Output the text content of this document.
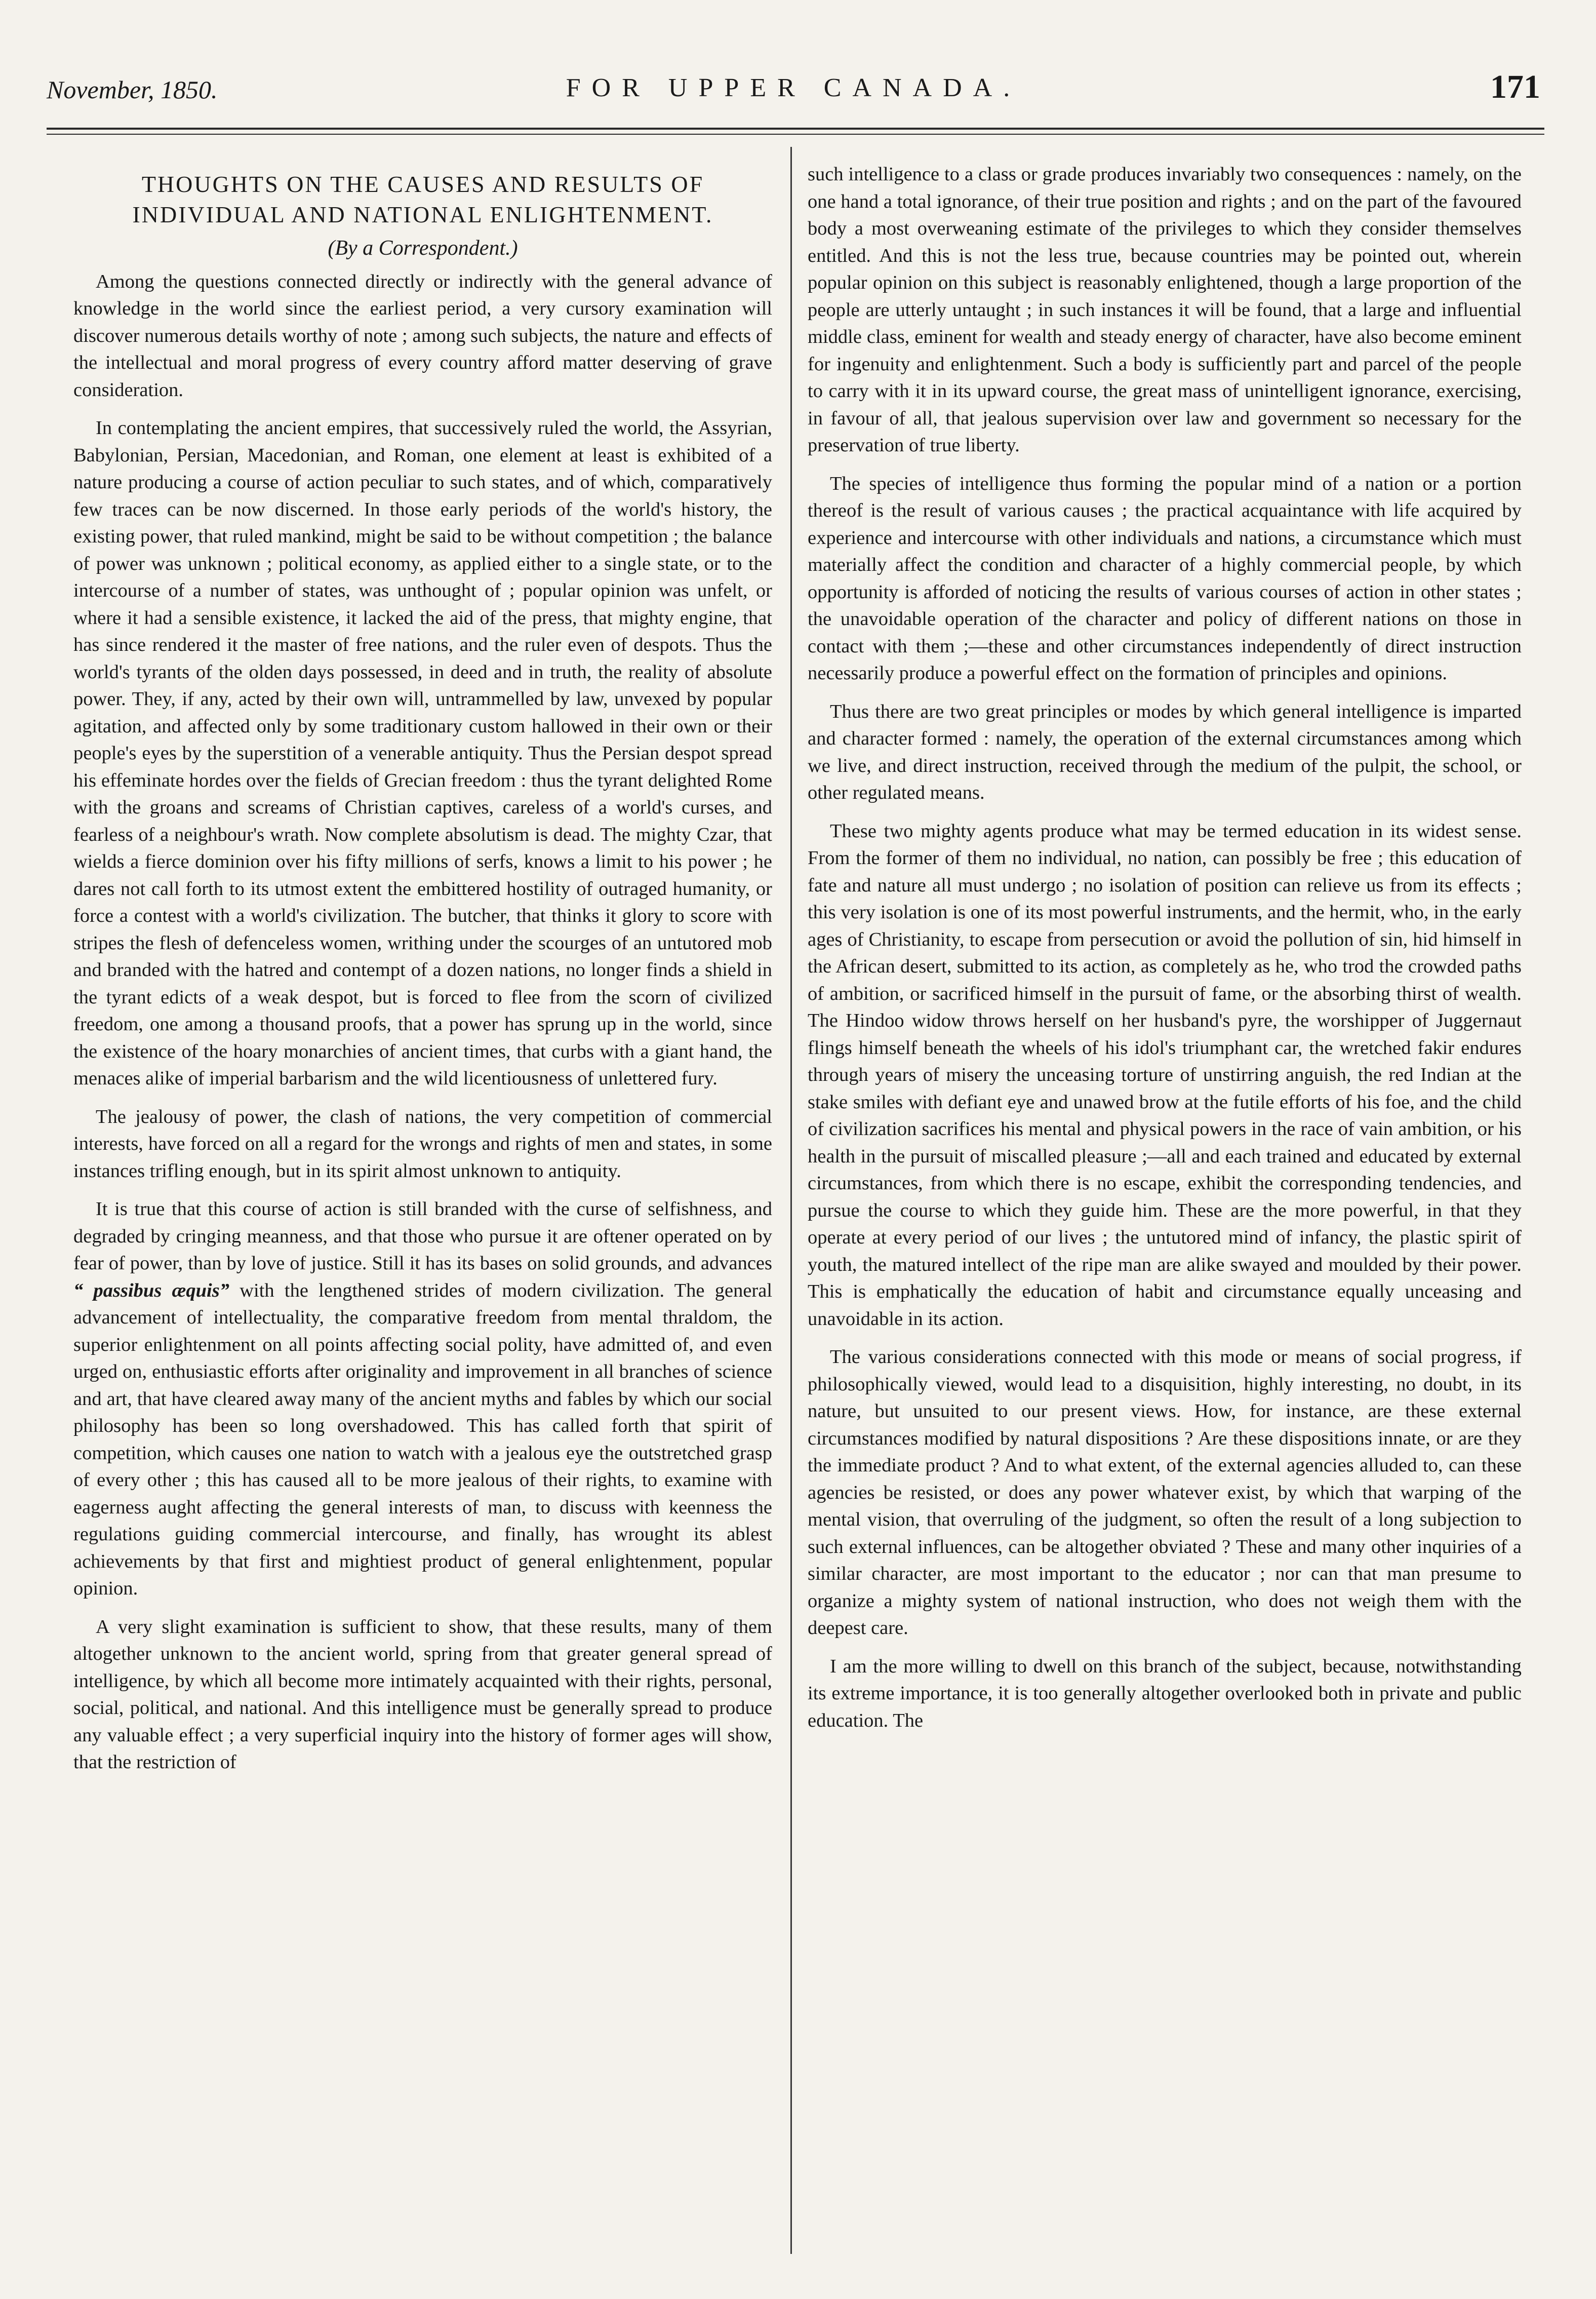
November, 1850.	FOR UPPER CANADA.	171
THOUGHTS ON THE CAUSES AND RESULTS OF INDIVIDUAL AND NATIONAL ENLIGHTENMENT.
(By a Correspondent.)

Among the questions connected directly or indirectly with the general advance of knowledge in the world since the earliest period, a very cursory examination will discover numerous details worthy of note ; among such subjects, the nature and effects of the intellectual and moral progress of every country afford matter deserving of grave consideration.

In contemplating the ancient empires, that successively ruled the world, the Assyrian, Babylonian, Persian, Macedonian, and Roman, one element at least is exhibited of a nature producing a course of action peculiar to such states, and of which, comparatively few traces can be now discerned. In those early periods of the world's history, the existing power, that ruled mankind, might be said to be without competition ; the balance of power was unknown ; political economy, as applied either to a single state, or to the intercourse of a number of states, was unthought of ; popular opinion was unfelt, or where it had a sensible existence, it lacked the aid of the press, that mighty engine, that has since rendered it the master of free nations, and the ruler even of despots. Thus the world's tyrants of the olden days possessed, in deed and in truth, the reality of absolute power. They, if any, acted by their own will, untrammelled by law, unvexed by popular agitation, and affected only by some traditionary custom hallowed in their own or their people's eyes by the superstition of a venerable antiquity. Thus the Persian despot spread his effeminate hordes over the fields of Grecian freedom : thus the tyrant delighted Rome with the groans and screams of Christian captives, careless of a world's curses, and fearless of a neighbour's wrath. Now complete absolutism is dead. The mighty Czar, that wields a fierce dominion over his fifty millions of serfs, knows a limit to his power ; he dares not call forth to its utmost extent the embittered hostility of outraged humanity, or force a contest with a world's civilization. The butcher, that thinks it glory to score with stripes the flesh of defenceless women, writhing under the scourges of an untutored mob and branded with the hatred and contempt of a dozen nations, no longer finds a shield in the tyrant edicts of a weak despot, but is forced to flee from the scorn of civilized freedom, one among a thousand proofs, that a power has sprung up in the world, since the existence of the hoary monarchies of ancient times, that curbs with a giant hand, the menaces alike of imperial barbarism and the wild licentiousness of unlettered fury.

The jealousy of power, the clash of nations, the very competition of commercial interests, have forced on all a regard for the wrongs and rights of men and states, in some instances trifling enough, but in its spirit almost unknown to antiquity.

It is true that this course of action is still branded with the curse of selfishness, and degraded by cringing meanness, and that those who pursue it are oftener operated on by fear of power, than by love of justice. Still it has its bases on solid grounds, and advances “ passibus æquis” with the lengthened strides of modern civilization. The general advancement of intellectuality, the comparative freedom from mental thraldom, the superior enlightenment on all points affecting social polity, have admitted of, and even urged on, enthusiastic efforts after originality and improvement in all branches of science and art, that have cleared away many of the ancient myths and fables by which our social philosophy has been so long overshadowed. This has called forth that spirit of competition, which causes one nation to watch with a jealous eye the outstretched grasp of every other ; this has caused all to be more jealous of their rights, to examine with eagerness aught affecting the general interests of man, to discuss with keenness the regulations guiding commercial intercourse, and finally, has wrought its ablest achievements by that first and mightiest product of general enlightenment, popular opinion.

A very slight examination is sufficient to show, that these results, many of them altogether unknown to the ancient world, spring from that greater general spread of intelligence, by which all become more intimately acquainted with their rights, personal, social, political, and national. And this intelligence must be generally spread to produce any valuable effect ; a very superficial inquiry into the history of former ages will show, that the restriction of

such intelligence to a class or grade produces invariably two consequences : namely, on the one hand a total ignorance, of their true position and rights ; and on the part of the favoured body a most overweaning estimate of the privileges to which they consider themselves entitled. And this is not the less true, because countries may be pointed out, wherein popular opinion on this subject is reasonably enlightened, though a large proportion of the people are utterly untaught ; in such instances it will be found, that a large and influential middle class, eminent for wealth and steady energy of character, have also become eminent for ingenuity and enlightenment. Such a body is sufficiently part and parcel of the people to carry with it in its upward course, the great mass of unintelligent ignorance, exercising, in favour of all, that jealous supervision over law and government so necessary for the preservation of true liberty.

The species of intelligence thus forming the popular mind of a nation or a portion thereof is the result of various causes ; the practical acquaintance with life acquired by experience and intercourse with other individuals and nations, a circumstance which must materially affect the condition and character of a highly commercial people, by which opportunity is afforded of noticing the results of various courses of action in other states ; the unavoidable operation of the character and policy of different nations on those in contact with them ;—these and other circumstances independently of direct instruction necessarily produce a powerful effect on the formation of principles and opinions.

Thus there are two great principles or modes by which general intelligence is imparted and character formed : namely, the operation of the external circumstances among which we live, and direct instruction, received through the medium of the pulpit, the school, or other regulated means.

These two mighty agents produce what may be termed education in its widest sense. From the former of them no individual, no nation, can possibly be free ; this education of fate and nature all must undergo ; no isolation of position can relieve us from its effects ; this very isolation is one of its most powerful instruments, and the hermit, who, in the early ages of Christianity, to escape from persecution or avoid the pollution of sin, hid himself in the African desert, submitted to its action, as completely as he, who trod the crowded paths of ambition, or sacrificed himself in the pursuit of fame, or the absorbing thirst of wealth. The Hindoo widow throws herself on her husband's pyre, the worshipper of Juggernaut flings himself beneath the wheels of his idol's triumphant car, the wretched fakir endures through years of misery the unceasing torture of unstirring anguish, the red Indian at the stake smiles with defiant eye and unawed brow at the futile efforts of his foe, and the child of civilization sacrifices his mental and physical powers in the race of vain ambition, or his health in the pursuit of miscalled pleasure ;—all and each trained and educated by external circumstances, from which there is no escape, exhibit the corresponding tendencies, and pursue the course to which they guide him. These are the more powerful, in that they operate at every period of our lives ; the untutored mind of infancy, the plastic spirit of youth, the matured intellect of the ripe man are alike swayed and moulded by their power. This is emphatically the education of habit and circumstance equally unceasing and unavoidable in its action.

The various considerations connected with this mode or means of social progress, if philosophically viewed, would lead to a disquisition, highly interesting, no doubt, in its nature, but unsuited to our present views. How, for instance, are these external circumstances modified by natural dispositions ? Are these dispositions innate, or are they the immediate product ? And to what extent, of the external agencies alluded to, can these agencies be resisted, or does any power whatever exist, by which that warping of the mental vision, that overruling of the judgment, so often the result of a long subjection to such external influences, can be altogether obviated ? These and many other inquiries of a similar character, are most important to the educator ; nor can that man presume to organize a mighty system of national instruction, who does not weigh them with the deepest care.

I am the more willing to dwell on this branch of the subject, because, notwithstanding its extreme importance, it is too generally altogether overlooked both in private and public education. The
